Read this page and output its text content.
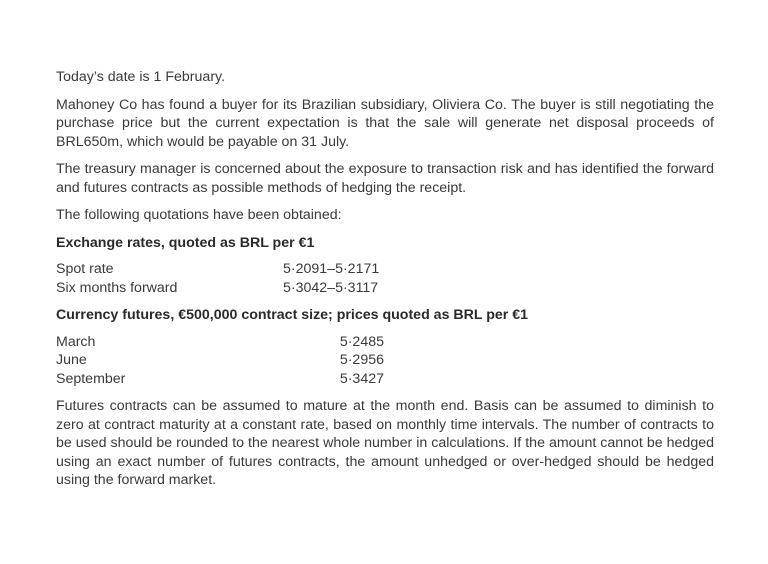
Today’s date is 1 February.

Mahoney Co has found a buyer for its Brazilian subsidiary, Oliviera Co. The buyer is still negotiating the purchase price but the current expectation is that the sale will generate net disposal proceeds of BRL650m, which would be payable on 31 July.

The treasury manager is concerned about the exposure to transaction risk and has identified the forward and futures contracts as possible methods of hedging the receipt.

The following quotations have been obtained:

Exchange rates, quoted as BRL per €1

Spot rate	5·2091–5·2171
Six months forward	5·3042–5·3117

Currency futures, €500,000 contract size; prices quoted as BRL per €1

March	5·2485
June	5·2956
September	5·3427

Futures contracts can be assumed to mature at the month end. Basis can be assumed to diminish to zero at contract maturity at a constant rate, based on monthly time intervals. The number of contracts to be used should be rounded to the nearest whole number in calculations. If the amount cannot be hedged using an exact number of futures contracts, the amount unhedged or over-hedged should be hedged using the forward market.
